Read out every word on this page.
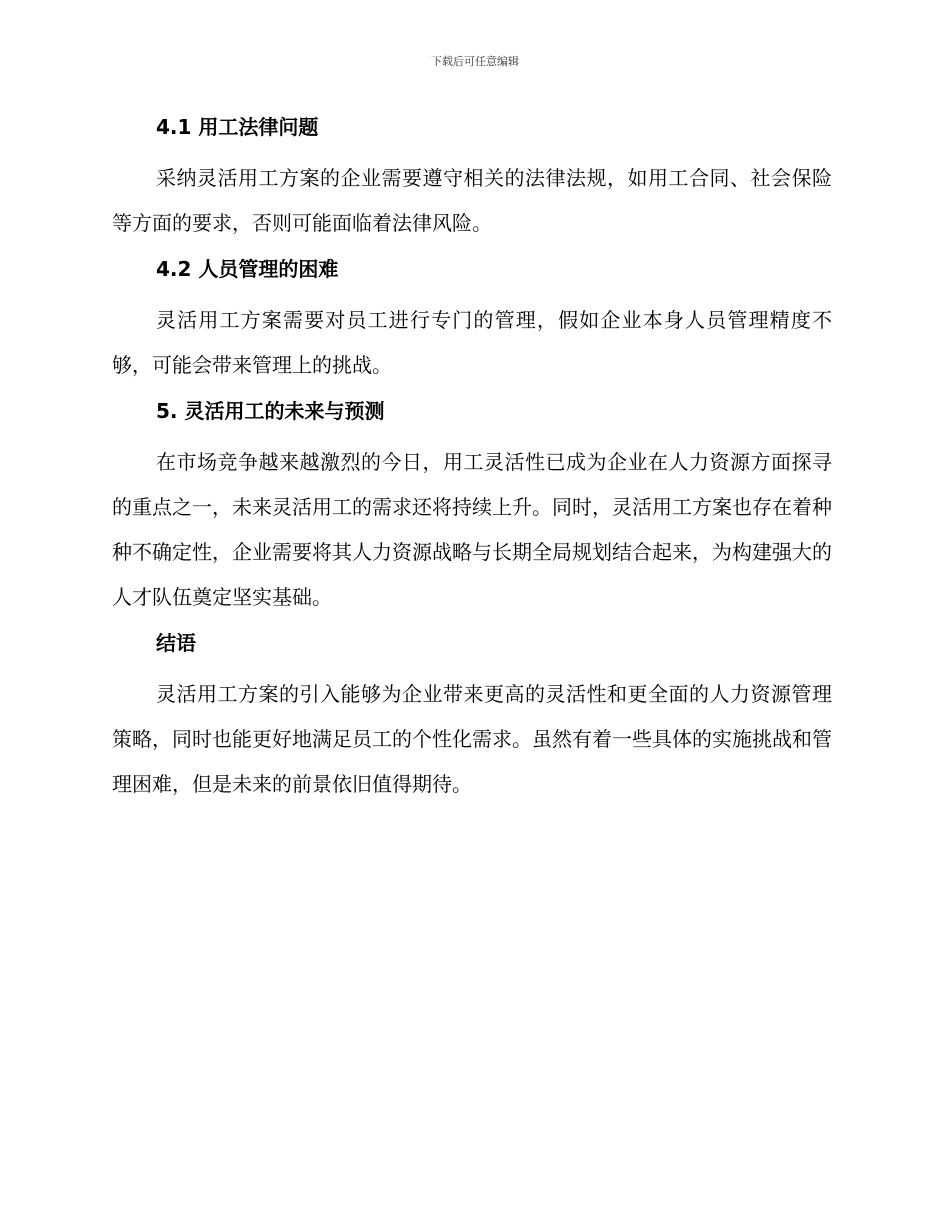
下载后可任意编辑
4.1 用工法律问题

采纳灵活用工方案的企业需要遵守相关的法律法规，如用工合同、社会保险等方面的要求，否则可能面临着法律风险。

4.2 人员管理的困难

灵活用工方案需要对员工进行专门的管理，假如企业本身人员管理精度不够，可能会带来管理上的挑战。

5. 灵活用工的未来与预测

在市场竞争越来越激烈的今日，用工灵活性已成为企业在人力资源方面探寻的重点之一，未来灵活用工的需求还将持续上升。同时，灵活用工方案也存在着种种不确定性，企业需要将其人力资源战略与长期全局规划结合起来，为构建强大的人才队伍奠定坚实基础。

结语

灵活用工方案的引入能够为企业带来更高的灵活性和更全面的人力资源管理策略，同时也能更好地满足员工的个性化需求。虽然有着一些具体的实施挑战和管理困难，但是未来的前景依旧值得期待。
